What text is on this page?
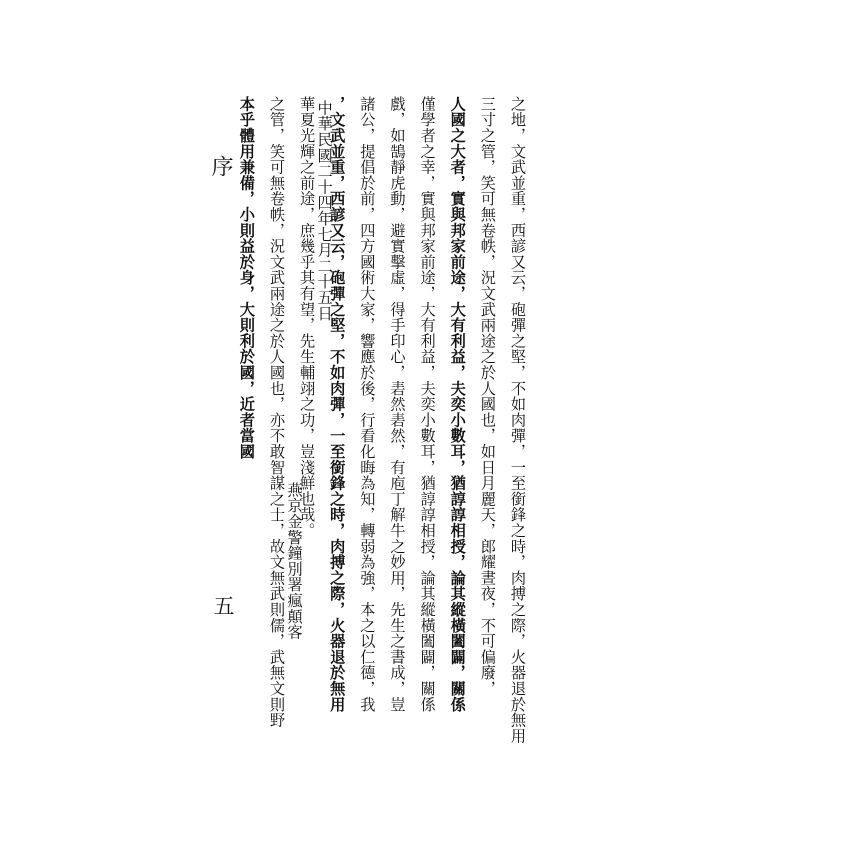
之地，文武並重，西諺又云，砲彈之堅，不如肉彈，一至銜鋒之時，肉搏之際，火器退於無用
三寸之管，笑可無卷帙，況文武兩途之於人國也，如日月麗天，郎耀晝夜，不可偏廢，
人國之大者，實與邦家前途，大有利益，夫奕小數耳，猶諄諄相授，論其縱橫闔闢，關係
僅學者之幸，實與邦家前途，大有利益，夫奕小數耳，猶諄諄相授，論其縱橫闔闢，關係
戲，如鵠靜虎動，避實擊虛，得手印心，砉然砉然，有庖丁解牛之妙用，先生之書成，豈
諸公，提倡於前，四方國術大家，響應於後，行看化晦為知，轉弱為強，本之以仁德，我
，文武並重，西諺又云，砲彈之堅，不如肉彈，一至銜鋒之時，肉搏之際，火器退於無用
華夏光輝之前途，庶幾乎其有望，先生輔翊之功，豈淺鮮也哉。
之管，笑可無卷帙，況文武兩途之於人國也，亦不敢智謀之士，故文無武則儒，武無文則野
本乎體用兼備，小則益於身，大則利於國，近者當國	中華民國二十四年七月二十五日
燕京金警鐘別署瘋顛客
序
五
